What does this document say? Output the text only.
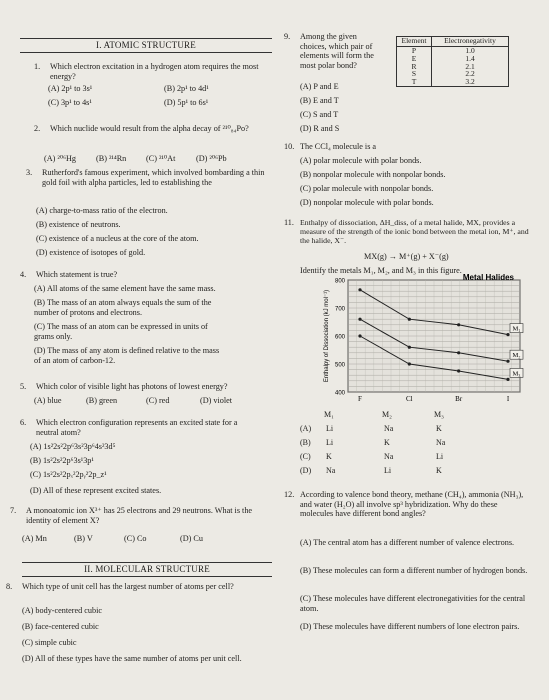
I. ATOMIC STRUCTURE
1. Which electron excitation in a hydrogen atom requires the most energy?
(A) 2p¹ to 3s¹	(B) 2p¹ to 4d¹
(C) 3p¹ to 4s¹	(D) 5p¹ to 6s¹
2. Which nuclide would result from the alpha decay of ²¹⁰₈₄Po?
(A) ²⁰⁶Hg (B) ²¹⁴Rn (C) ²¹⁰At	(D) ²⁰⁶Pb
3. Rutherford's famous experiment, which involved bombarding a thin gold foil with alpha particles, led to establishing the
(A) charge-to-mass ratio of the electron.
(B) existence of neutrons.
(C) existence of a nucleus at the core of the atom.
(D) existence of isotopes of gold.
4. Which statement is true?
(A) All atoms of the same element have the same mass.
(B) The mass of an atom always equals the sum of the number of protons and electrons.
(C) The mass of an atom can be expressed in units of grams only.
(D) The mass of any atom is defined relative to the mass of an atom of carbon-12.
5. Which color of visible light has photons of lowest energy?
(A) blue	(B) green	(C) red	(D) violet
6. Which electron configuration represents an excited state for a neutral atom?
(A) 1s²2s²2p⁶3s²3p⁶4s²3d⁵
(B) 1s²2s²2p⁶3s¹3p¹
(C) 1s²2s²2pₓ²2pᵧ²2p_z¹
(D) All of these represent excited states.
7. A monoatomic ion X³⁺ has 25 electrons and 29 neutrons. What is the identity of element X?
(A) Mn	(B) V	(C) Co	(D) Cu
II. MOLECULAR STRUCTURE
8. Which type of unit cell has the largest number of atoms per cell?
(A) body-centered cubic
(B) face-centered cubic
(C) simple cubic
(D) All of these types have the same number of atoms per unit cell.
9. Among the given choices, which pair of elements will form the most polar bond?
(A) P and E
(B) E and T
(C) S and T
(D) R and S
Element	Electronegativity
P	1.0
E	1.4
R	2.1
S	2.2
T	3.2
10. The CCl₄ molecule is a
(A) polar molecule with polar bonds.
(B) nonpolar molecule with nonpolar bonds.
(C) polar molecule with nonpolar bonds.
(D) nonpolar molecule with polar bonds.
11. Enthalpy of dissociation, ΔH_diss, of a metal halide, MX, provides a measure of the strength of the ionic bond between the metal ion, M⁺, and the halide, X⁻.
MX(g) → M⁺(g) + X⁻(g)
Identify the metals M₁, M₂, and M₃ in this figure.
Metal Halides
400
500
600
700
800
Enthalpy of Dissociation (kJ mol⁻¹)
F	Cl	Br	I
M₁
M₂
M₃
M₁	M₂	M₃
(A) Li	Na	K
(B) Li	K	Na
(C) K	Na	Li
(D) Na	Li	K
12. According to valence bond theory, methane (CH₄), ammonia (NH₃), and water (H₂O) all involve sp³ hybridization. Why do these molecules have different bond angles?
(A) The central atom has a different number of valence electrons.
(B) These molecules can form a different number of hydrogen bonds.
(C) These molecules have different electronegativities for the central atom.
(D) These molecules have different numbers of lone electron pairs.
